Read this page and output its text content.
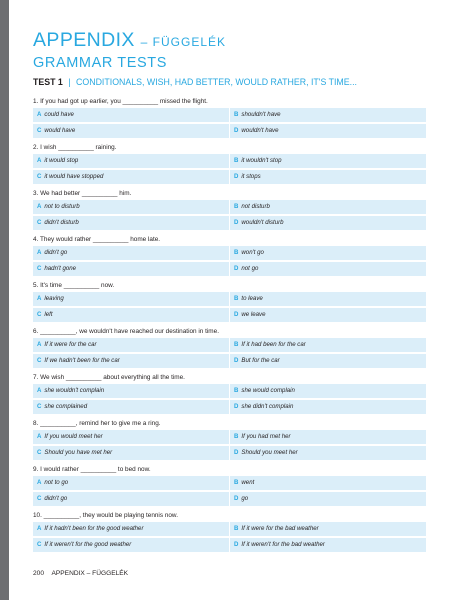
APPENDIX – FÜGGELÉK
GRAMMAR TESTS
TEST 1 | CONDITIONALS, WISH, HAD BETTER, WOULD RATHER, IT'S TIME...
1. If you had got up earlier, you __________ missed the flight.
A could have	B shouldn't have
C would have	D wouldn't have
2. I wish __________ raining.
A it would stop	B it wouldn't stop
C it would have stopped	D it stops
3. We had better __________ him.
A not to disturb	B not disturb
C didn't disturb	D wouldn't disturb
4. They would rather __________ home late.
A didn't go	B won't go
C hadn't gone	D not go
5. It's time __________ now.
A leaving	B to leave
C left	D we leave
6. __________, we wouldn't have reached our destination in time.
A If it were for the car	B If it had been for the car
C If we hadn't been for the car	D But for the car
7. We wish __________ about everything all the time.
A she wouldn't complain	B she would complain
C she complained	D she didn't complain
8. __________, remind her to give me a ring.
A If you would meet her	B If you had met her
C Should you have met her	D Should you meet her
9. I would rather __________ to bed now.
A not to go	B went
C didn't go	D go
10. __________, they would be playing tennis now.
A If it hadn't been for the good weather	B If it were for the bad weather
C If it weren't for the good weather	D If it weren't for the bad weather
200 APPENDIX – FÜGGELÉK
